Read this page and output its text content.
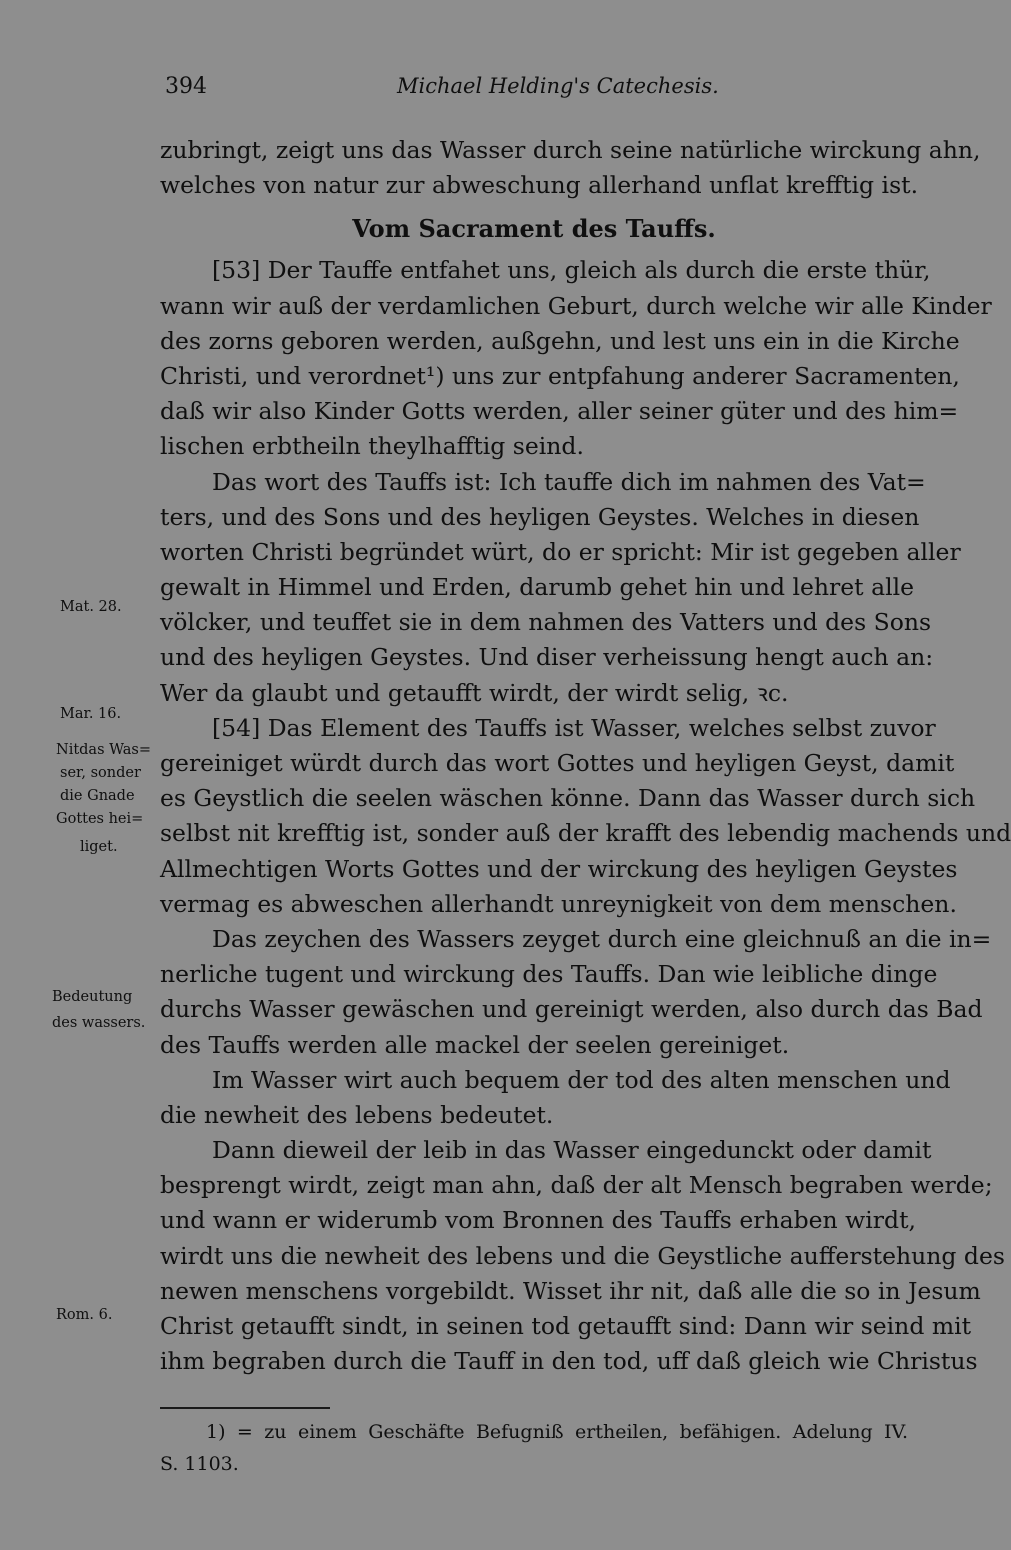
394	Michael Helding's Catechesis.
zubringt, zeigt uns das Wasser durch seine natürliche wirckung ahn,
welches von natur zur abweschung allerhand unflat krefftig ist.
Vom Sacrament des Tauffs.
[53] Der Tauffe entfahet uns, gleich als durch die erste thür,
wann wir auß der verdamlichen Geburt, durch welche wir alle Kinder
des zorns geboren werden, außgehn, und lest uns ein in die Kirche
Christi, und verordnet¹) uns zur entpfahung anderer Sacramenten,
daß wir also Kinder Gotts werden, aller seiner güter und des him=
lischen erbtheiln theylhafftig seind.
Das wort des Tauffs ist: Ich tauffe dich im nahmen des Vat=
ters, und des Sons und des heyligen Geystes. Welches in diesen
worten Christi begründet würt, do er spricht: Mir ist gegeben aller
gewalt in Himmel und Erden, darumb gehet hin und lehret alle
völcker, und teuffet sie in dem nahmen des Vatters und des Sons
und des heyligen Geystes. Und diser verheissung hengt auch an:
Wer da glaubt und getaufft wirdt, der wirdt selig, ꝛc.
[54] Das Element des Tauffs ist Wasser, welches selbst zuvor
gereiniget würdt durch das wort Gottes und heyligen Geyst, damit
es Geystlich die seelen wäschen könne. Dann das Wasser durch sich
selbst nit krefftig ist, sonder auß der krafft des lebendig machends und
Allmechtigen Worts Gottes und der wirckung des heyligen Geystes
vermag es abweschen allerhandt unreynigkeit von dem menschen.
Das zeychen des Wassers zeyget durch eine gleichnuß an die in=
nerliche tugent und wirckung des Tauffs. Dan wie leibliche dinge
durchs Wasser gewäschen und gereinigt werden, also durch das Bad
des Tauffs werden alle mackel der seelen gereiniget.
Im Wasser wirt auch bequem der tod des alten menschen und
die newheit des lebens bedeutet.
Dann dieweil der leib in das Wasser eingedunckt oder damit
besprengt wirdt, zeigt man ahn, daß der alt Mensch begraben werde;
und wann er widerumb vom Bronnen des Tauffs erhaben wirdt,
wirdt uns die newheit des lebens und die Geystliche aufferstehung des
newen menschens vorgebildt. Wisset ihr nit, daß alle die so in Jesum
Christ getaufft sindt, in seinen tod getaufft sind: Dann wir seind mit
ihm begraben durch die Tauff in den tod, uff daß gleich wie Christus
Mat. 28.
Mar. 16.
Nitdas Was=
ser, sonder
die Gnade
Gottes hei=
liget.
Bedeutung
des wassers.
Rom. 6.
1) = zu einem Geschäfte Befugniß ertheilen, befähigen. Adelung IV.
S. 1103.
